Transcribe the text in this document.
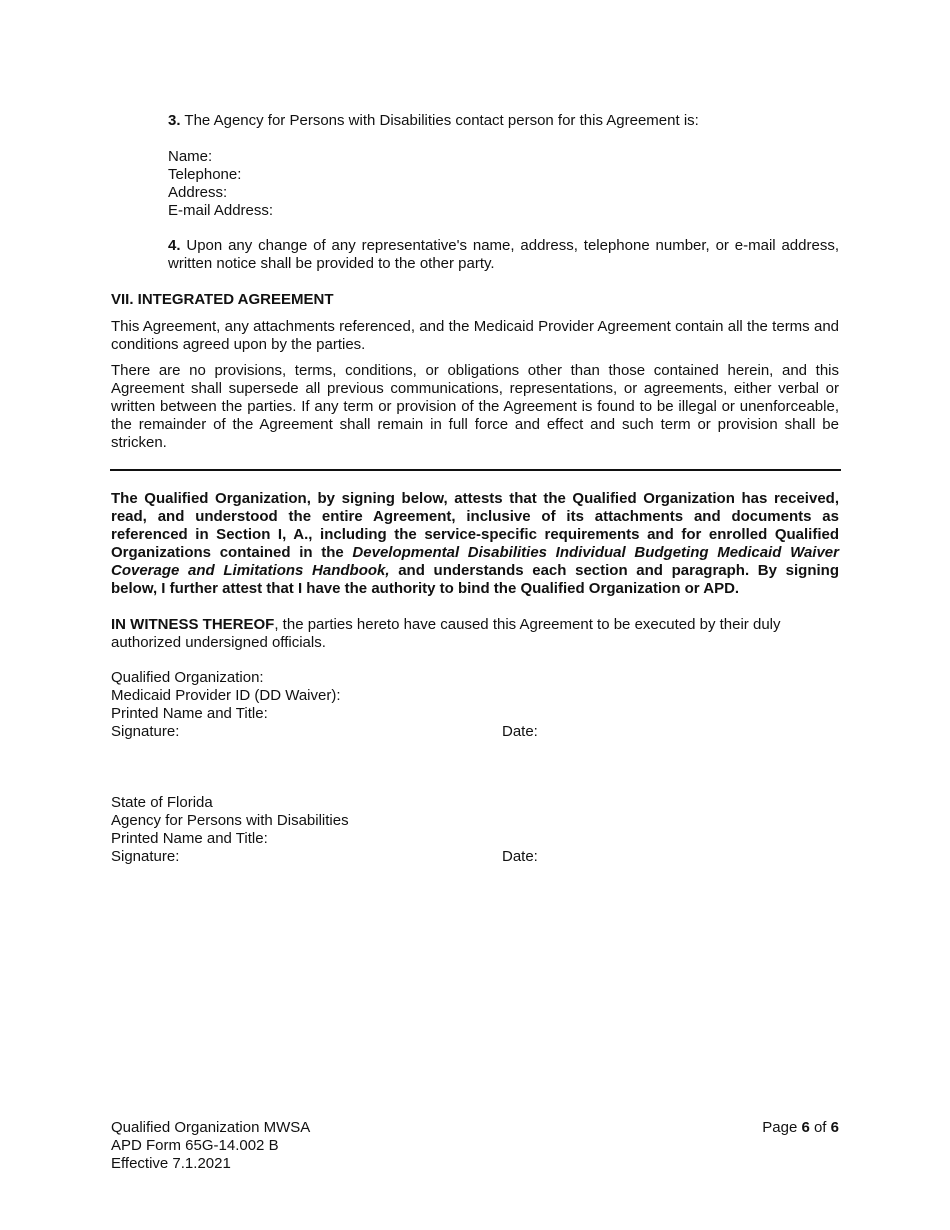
3. The Agency for Persons with Disabilities contact person for this Agreement is:

Name:
Telephone:
Address:
E-mail Address:

4. Upon any change of any representative's name, address, telephone number, or e-mail address, written notice shall be provided to the other party.

VII. INTEGRATED AGREEMENT

This Agreement, any attachments referenced, and the Medicaid Provider Agreement contain all the terms and conditions agreed upon by the parties.

There are no provisions, terms, conditions, or obligations other than those contained herein, and this Agreement shall supersede all previous communications, representations, or agreements, either verbal or written between the parties. If any term or provision of the Agreement is found to be illegal or unenforceable, the remainder of the Agreement shall remain in full force and effect and such term or provision shall be stricken.

The Qualified Organization, by signing below, attests that the Qualified Organization has received, read, and understood the entire Agreement, inclusive of its attachments and documents as referenced in Section I, A., including the service-specific requirements and for enrolled Qualified Organizations contained in the Developmental Disabilities Individual Budgeting Medicaid Waiver Coverage and Limitations Handbook, and understands each section and paragraph. By signing below, I further attest that I have the authority to bind the Qualified Organization or APD.

IN WITNESS THEREOF, the parties hereto have caused this Agreement to be executed by their duly authorized undersigned officials.

Qualified Organization:
Medicaid Provider ID (DD Waiver):
Printed Name and Title:
Signature:	Date:
State of Florida
Agency for Persons with Disabilities
Printed Name and Title:
Signature:	Date:
Qualified Organization MWSA
APD Form 65G-14.002 B
Effective 7.1.2021
Page 6 of 6
